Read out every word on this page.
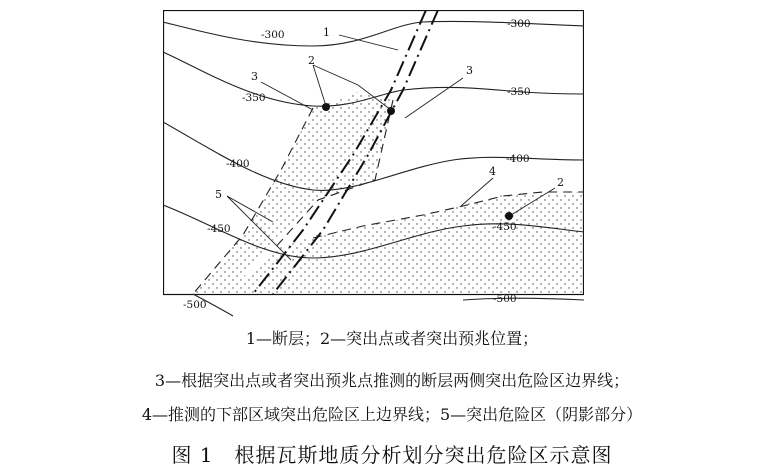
-300
-300
-350	-350
-400	-400
-450	-450
-500	-500
1
2
3	3
4
2
5
1—断层；2—突出点或者突出预兆位置；
3—根据突出点或者突出预兆点推测的断层两侧突出危险区边界线；
4—推测的下部区域突出危险区上边界线；5—突出危险区（阴影部分）
图 1　根据瓦斯地质分析划分突出危险区示意图
